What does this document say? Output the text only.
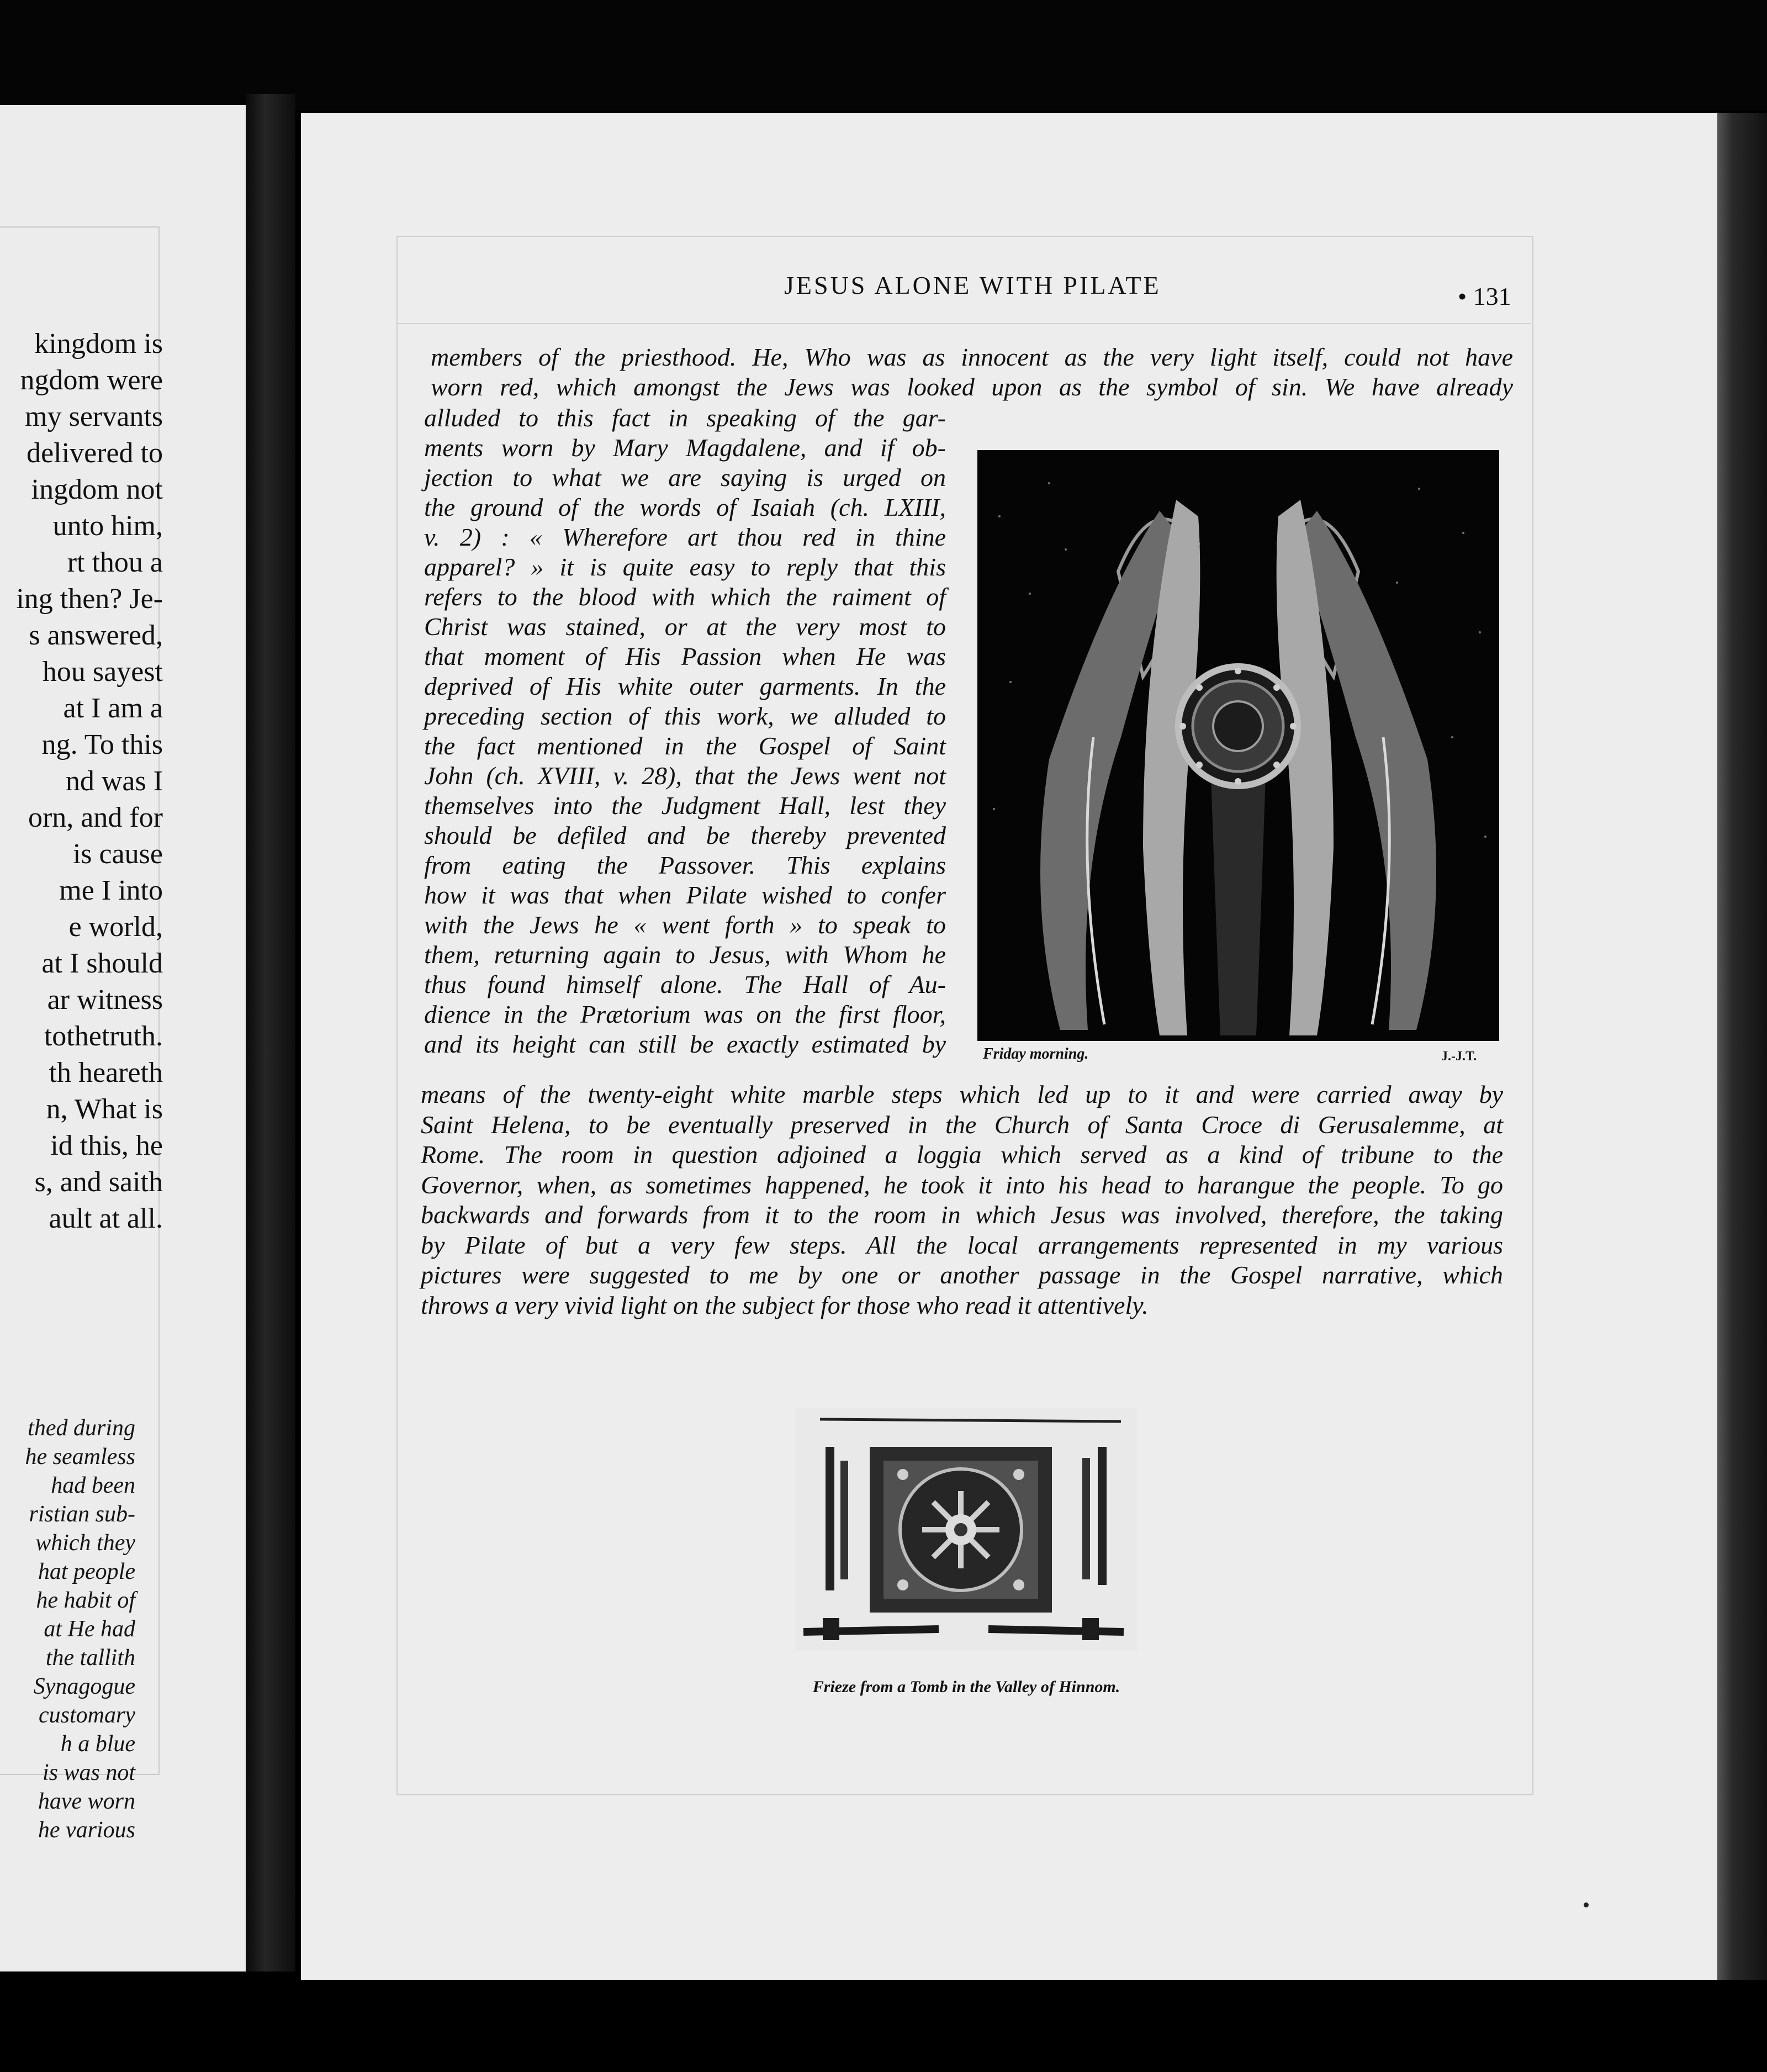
kingdom is
ngdom were
my servants
delivered to
ingdom not
unto him,
rt thou a
ing then? Je-
s answered,
hou sayest
at I am a
ng. To this
nd was I
orn, and for
is cause
me I into
e world,
at I should
ar witness
tothetruth.
th heareth
n, What is
id this, he
s, and saith
ault at all.
thed during
he seamless
had been
ristian sub-
which they
hat people
he habit of
at He had
the tallith
Synagogue
customary
h a blue
is was not
have worn
he various
JESUS ALONE WITH PILATE	• 131
members of the priesthood. He, Who was as innocent as the very light itself, could not have
worn red, which amongst the Jews was looked upon as the symbol of sin. We have already
alluded to this fact in speaking of the gar-
ments worn by Mary Magdalene, and if ob-
jection to what we are saying is urged on
the ground of the words of Isaiah (ch. LXIII,
v. 2) : « Wherefore art thou red in thine
apparel? » it is quite easy to reply that this
refers to the blood with which the raiment of
Christ was stained, or at the very most to
that moment of His Passion when He was
deprived of His white outer garments. In the
preceding section of this work, we alluded to
the fact mentioned in the Gospel of Saint
John (ch. XVIII, v. 28), that the Jews went not
themselves into the Judgment Hall, lest they
should be defiled and be thereby prevented
from eating the Passover. This explains
how it was that when Pilate wished to confer
with the Jews he « went forth » to speak to
them, returning again to Jesus, with Whom he
thus found himself alone. The Hall of Au-
dience in the Prætorium was on the first floor,
and its height can still be exactly estimated by
means of the twenty-eight white marble steps which led up to it and were carried away by
Saint Helena, to be eventually preserved in the Church of Santa Croce di Gerusalemme, at
Rome. The room in question adjoined a loggia which served as a kind of tribune to the
Governor, when, as sometimes happened, he took it into his head to harangue the people. To go
backwards and forwards from it to the room in which Jesus was involved, therefore, the taking
by Pilate of but a very few steps. All the local arrangements represented in my various
pictures were suggested to me by one or another passage in the Gospel narrative, which
throws a very vivid light on the subject for those who read it attentively.
Friday morning.	J.-J.T.
Frieze from a Tomb in the Valley of Hinnom.
